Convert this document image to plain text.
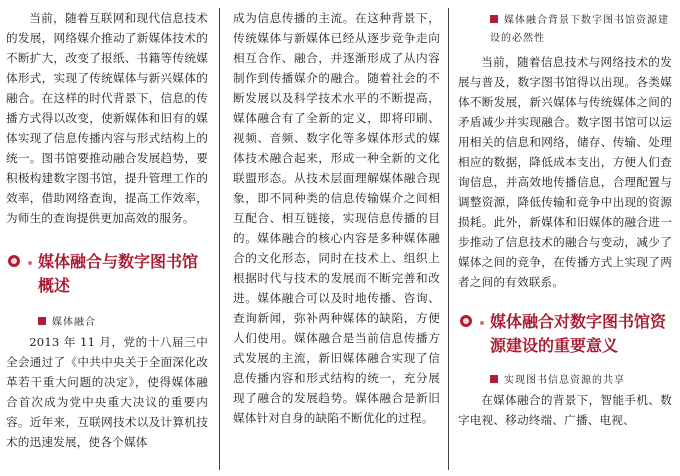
当前，随着互联网和现代信息技术的发展，网络媒介推动了新媒体技术的不断扩大，改变了报纸、书籍等传统媒体形式，实现了传统媒体与新兴媒体的融合。在这样的时代背景下，信息的传播方式得以改变，使新媒体和旧有的媒体实现了信息传播内容与形式结构上的统一。图书馆要推动融合发展趋势，要积极构建数字图书馆，提升管理工作的效率，借助网络查询，提高工作效率，为师生的查询提供更加高效的服务。

媒体融合与数字图书馆概述
媒体融合

2013 年 11 月，党的十八届三中全会通过了《中共中央关于全面深化改革若干重大问题的决定》，使得媒体融合首次成为党中央重大决议的重要内容。近年来，互联网技术以及计算机技术的迅速发展，使各个媒体

成为信息传播的主流。在这种背景下，传统媒体与新媒体已经从逐步竞争走向相互合作、融合，并逐渐形成了从内容制作到传播媒介的融合。随着社会的不断发展以及科学技术水平的不断提高，媒体融合有了全新的定义，即将印刷、视频、音频、数字化等多媒体形式的媒体技术融合起来，形成一种全新的文化联盟形态。从技术层面理解媒体融合现象，即不同种类的信息传输媒介之间相互配合、相互链接，实现信息传播的目的。媒体融合的核心内容是多种媒体融合的文化形态，同时在技术上、组织上根据时代与技术的发展而不断完善和改进。媒体融合可以及时地传播、咨询、查询新闻，弥补两种媒体的缺陷，方便人们使用。媒体融合是当前信息传播方式发展的主流，新旧媒体融合实现了信息传播内容和形式结构的统一，充分展现了融合的发展趋势。媒体融合是新旧媒体针对自身的缺陷不断优化的过程。

媒体融合背景下数字图书馆资源建设的必然性

当前，随着信息技术与网络技术的发展与普及，数字图书馆得以出现。各类媒体不断发展，新兴媒体与传统媒体之间的矛盾减少并实现融合。数字图书馆可以运用相关的信息和网络，储存、传输、处理相应的数据，降低成本支出，方便人们查询信息，并高效地传播信息，合理配置与调整资源，降低传输和竞争中出现的资源损耗。此外，新媒体和旧媒体的融合进一步推动了信息技术的融合与变动，减少了媒体之间的竞争，在传播方式上实现了两者之间的有效联系。

媒体融合对数字图书馆资源建设的重要意义
实现图书信息资源的共享

在媒体融合的背景下，智能手机、数字电视、移动终端、广播、电视、
